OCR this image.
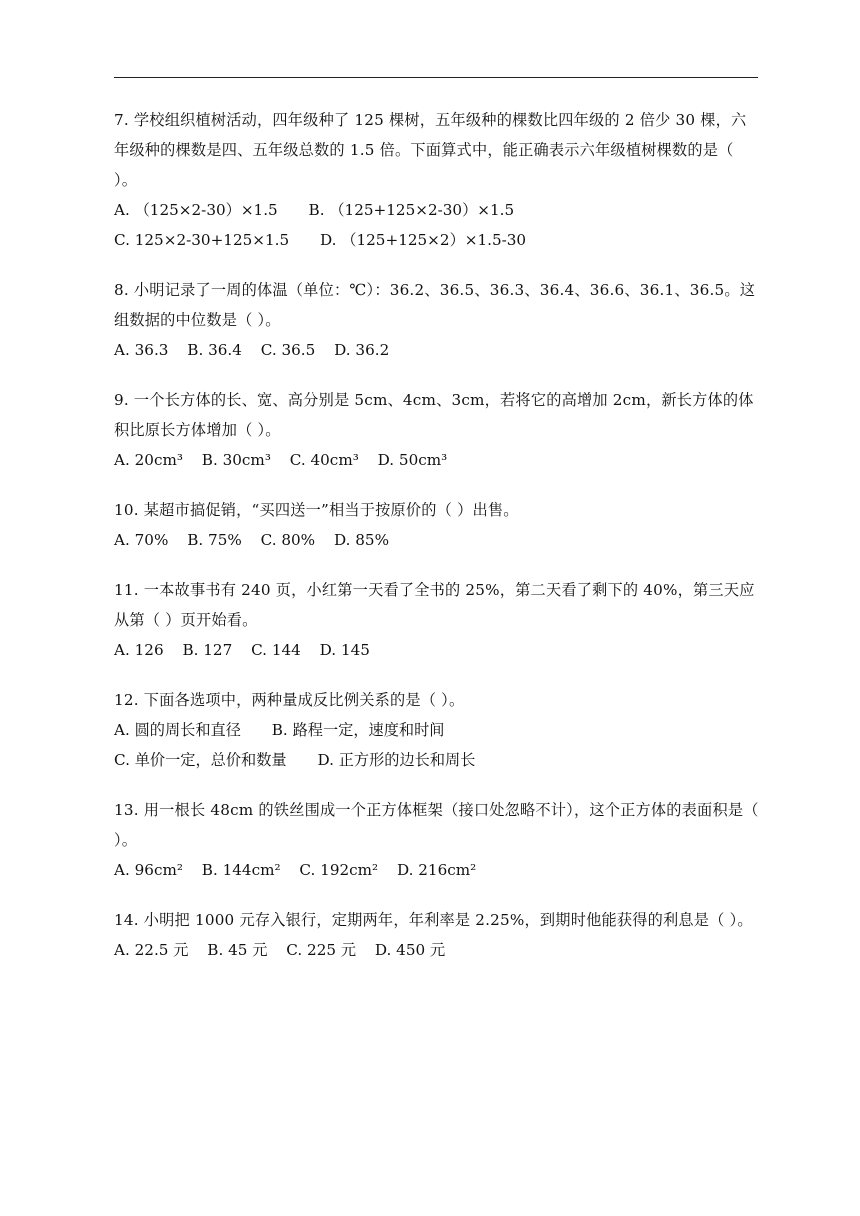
7. 学校组织植树活动，四年级种了 125 棵树，五年级种的棵数比四年级的 2 倍少 30 棵，六年级种的棵数是四、五年级总数的 1.5 倍。下面算式中，能正确表示六年级植树棵数的是（ ）。

A. （125×2-30）×1.5 B. （125+125×2-30）×1.5
C. 125×2-30+125×1.5 D. （125+125×2）×1.5-30

8. 小明记录了一周的体温（单位：℃）：36.2、36.5、36.3、36.4、36.6、36.1、36.5。这组数据的中位数是（ ）。

A. 36.3 B. 36.4 C. 36.5 D. 36.2

9. 一个长方体的长、宽、高分别是 5cm、4cm、3cm，若将它的高增加 2cm，新长方体的体积比原长方体增加（ ）。

A. 20cm³ B. 30cm³ C. 40cm³ D. 50cm³

10. 某超市搞促销，“买四送一”相当于按原价的（ ）出售。

A. 70% B. 75% C. 80% D. 85%

11. 一本故事书有 240 页，小红第一天看了全书的 25%，第二天看了剩下的 40%，第三天应从第（ ）页开始看。

A. 126 B. 127 C. 144 D. 145

12. 下面各选项中，两种量成反比例关系的是（ ）。

A. 圆的周长和直径 B. 路程一定，速度和时间
C. 单价一定，总价和数量 D. 正方形的边长和周长

13. 用一根长 48cm 的铁丝围成一个正方体框架（接口处忽略不计），这个正方体的表面积是（ ）。

A. 96cm² B. 144cm² C. 192cm² D. 216cm²

14. 小明把 1000 元存入银行，定期两年，年利率是 2.25%，到期时他能获得的利息是（ ）。

A. 22.5 元 B. 45 元 C. 225 元 D. 450 元
